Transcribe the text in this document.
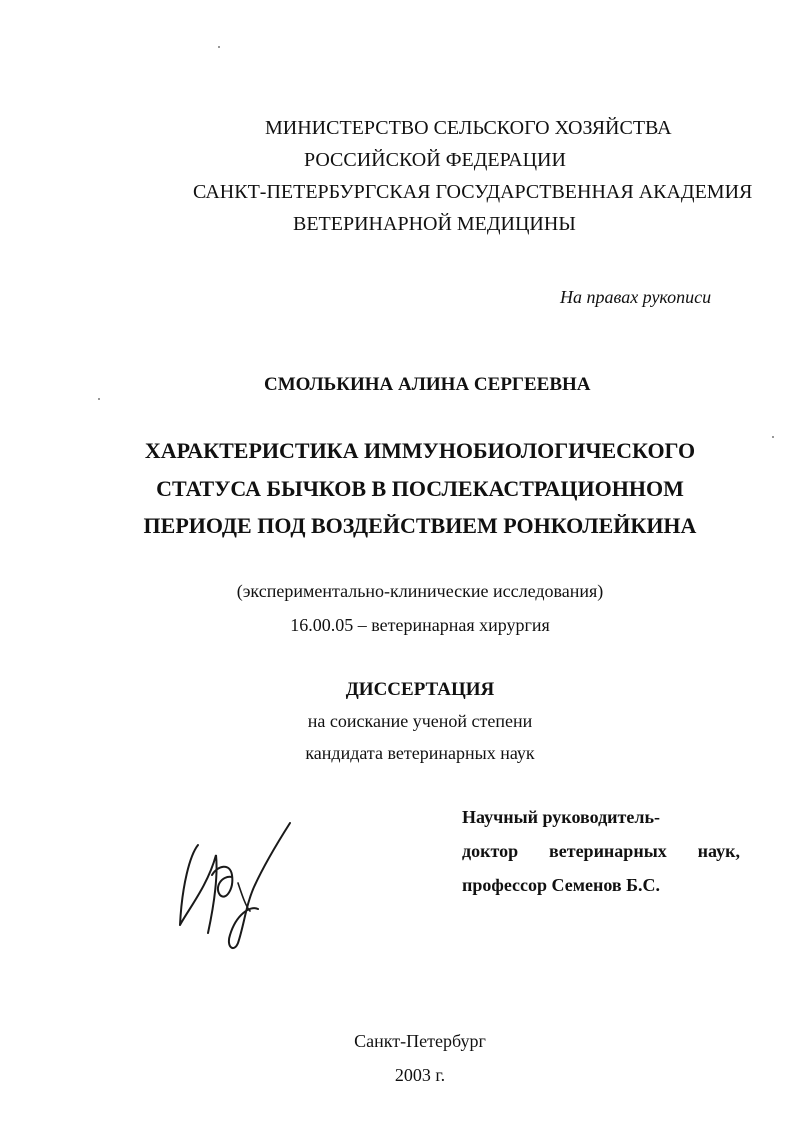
МИНИСТЕРСТВО СЕЛЬСКОГО ХОЗЯЙСТВА
РОССИЙСКОЙ ФЕДЕРАЦИИ
САНКТ-ПЕТЕРБУРГСКАЯ ГОСУДАРСТВЕННАЯ АКАДЕМИЯ
ВЕТЕРИНАРНОЙ МЕДИЦИНЫ
На правах рукописи
СМОЛЬКИНА АЛИНА СЕРГЕЕВНА
ХАРАКТЕРИСТИКА ИММУНОБИОЛОГИЧЕСКОГО
СТАТУСА БЫЧКОВ В ПОСЛЕКАСТРАЦИОННОМ
ПЕРИОДЕ ПОД ВОЗДЕЙСТВИЕМ РОНКОЛЕЙКИНА
(экспериментально-клинические исследования)
16.00.05 – ветеринарная хирургия
ДИССЕРТАЦИЯ
на соискание ученой степени
кандидата ветеринарных наук
Научный руководитель-
доктор ветеринарных наук,
профессор Семенов Б.С.
Санкт-Петербург
2003 г.
